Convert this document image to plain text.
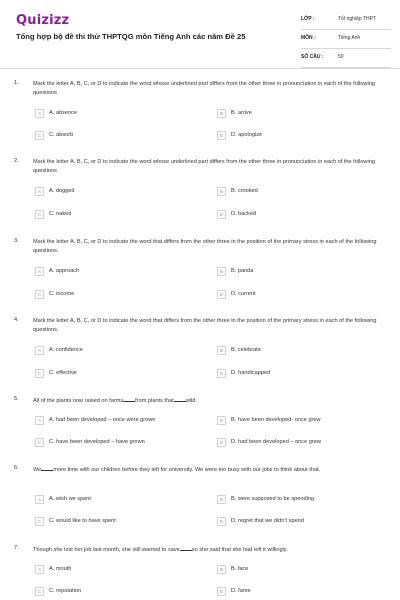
Quizizz
Tổng hợp bộ đề thi thử THPTQG môn Tiếng Anh các năm Đề 25
LỚP :	Tốt nghiệp THPT
MÔN :	Tiếng Anh
SỐ CÂU :	50
1.	Mark the letter A, B, C, or D to indicate the word whose underlined part differs from the other three in pronunciation in each of the following questions
A	A. absence	B	B. arrive
C	C. absorb	D	D. apologize
2.	Mark the letter A, B, C, or D to indicate the word whose underlined part differs from the other three in pronunciation in each of the following questions
A	A. dogged	B	B. crooked
C	C. naked	D	D. backed
3.	Mark the letter A, B, C, or D to indicate the word that differs from the other three in the position of the primary stress in each of the following questions.
A	A. approach	B	B. panda
C	C. income	D	D. current
4.	Mark the letter A, B, C, or D to indicate the word that differs from the other three in the position of the primary stress in each of the following questions.
A	A. confidence	B	B. celebrate
C	C. effective	D	D. handicapped
5.	All of the plants now raised on farms from plants that wild.
A	A. had been developed – once were grown	B	B. have been developed- once grew
C	C. have been developed – have grown	D	D. had been developed – once grew
6.	We more time with our children before they left for university. We were too busy with our jobs to think about that.
A	A. wish we spent	B	B. were supposed to be spending
C	C. would like to have spent	D	D. regret that we didn't spend
7.	Though she lost her job last month, she still wanted to save so she said that she had left it willingly.
A	A. mouth	B	B. face
C	C. reputation	D	D. fame
